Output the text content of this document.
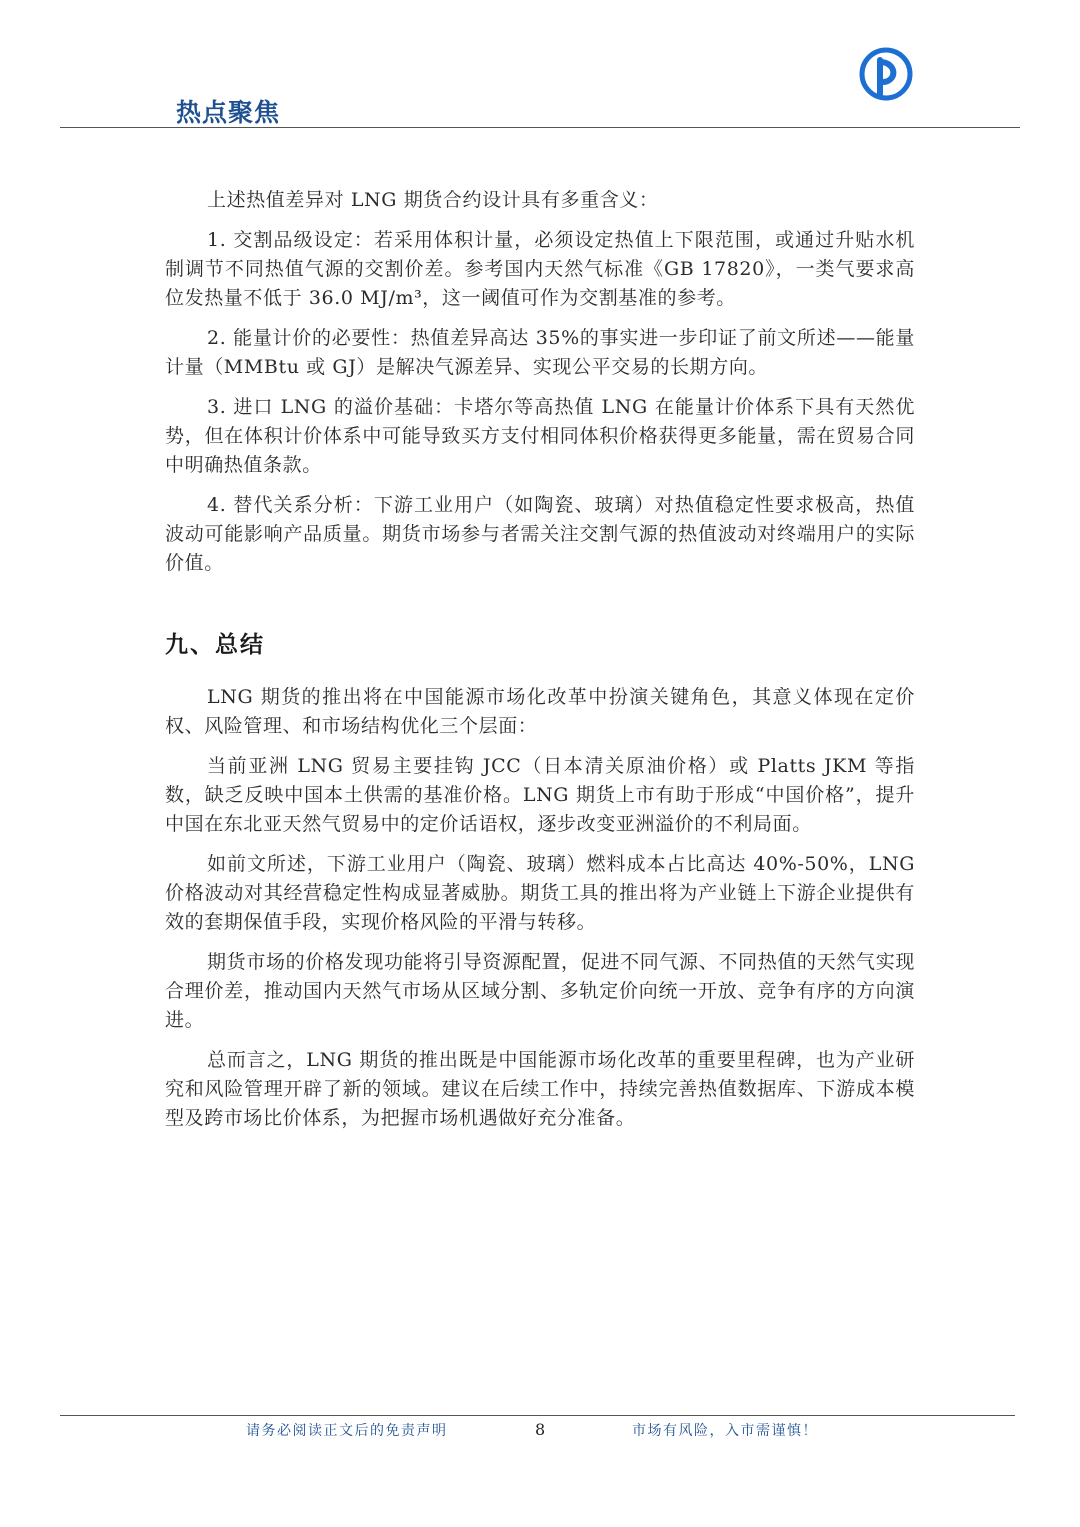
热点聚焦

上述热值差异对 LNG 期货合约设计具有多重含义：

1. 交割品级设定：若采用体积计量，必须设定热值上下限范围，或通过升贴水机制调节不同热值气源的交割价差。参考国内天然气标准《GB 17820》，一类气要求高位发热量不低于 36.0 MJ/m³，这一阈值可作为交割基准的参考。

2. 能量计价的必要性：热值差异高达 35%的事实进一步印证了前文所述——能量计量（MMBtu 或 GJ）是解决气源差异、实现公平交易的长期方向。

3. 进口 LNG 的溢价基础：卡塔尔等高热值 LNG 在能量计价体系下具有天然优势，但在体积计价体系中可能导致买方支付相同体积价格获得更多能量，需在贸易合同中明确热值条款。

4. 替代关系分析：下游工业用户（如陶瓷、玻璃）对热值稳定性要求极高，热值波动可能影响产品质量。期货市场参与者需关注交割气源的热值波动对终端用户的实际价值。

九、总结

LNG 期货的推出将在中国能源市场化改革中扮演关键角色，其意义体现在定价权、风险管理、和市场结构优化三个层面：

当前亚洲 LNG 贸易主要挂钩 JCC（日本清关原油价格）或 Platts JKM 等指数，缺乏反映中国本土供需的基准价格。LNG 期货上市有助于形成“中国价格”，提升中国在东北亚天然气贸易中的定价话语权，逐步改变亚洲溢价的不利局面。

如前文所述，下游工业用户（陶瓷、玻璃）燃料成本占比高达 40%-50%，LNG 价格波动对其经营稳定性构成显著威胁。期货工具的推出将为产业链上下游企业提供有效的套期保值手段，实现价格风险的平滑与转移。

期货市场的价格发现功能将引导资源配置，促进不同气源、不同热值的天然气实现合理价差，推动国内天然气市场从区域分割、多轨定价向统一开放、竞争有序的方向演进。

总而言之，LNG 期货的推出既是中国能源市场化改革的重要里程碑，也为产业研究和风险管理开辟了新的领域。建议在后续工作中，持续完善热值数据库、下游成本模型及跨市场比价体系，为把握市场机遇做好充分准备。

请务必阅读正文后的免责声明	8	市场有风险，入市需谨慎！
